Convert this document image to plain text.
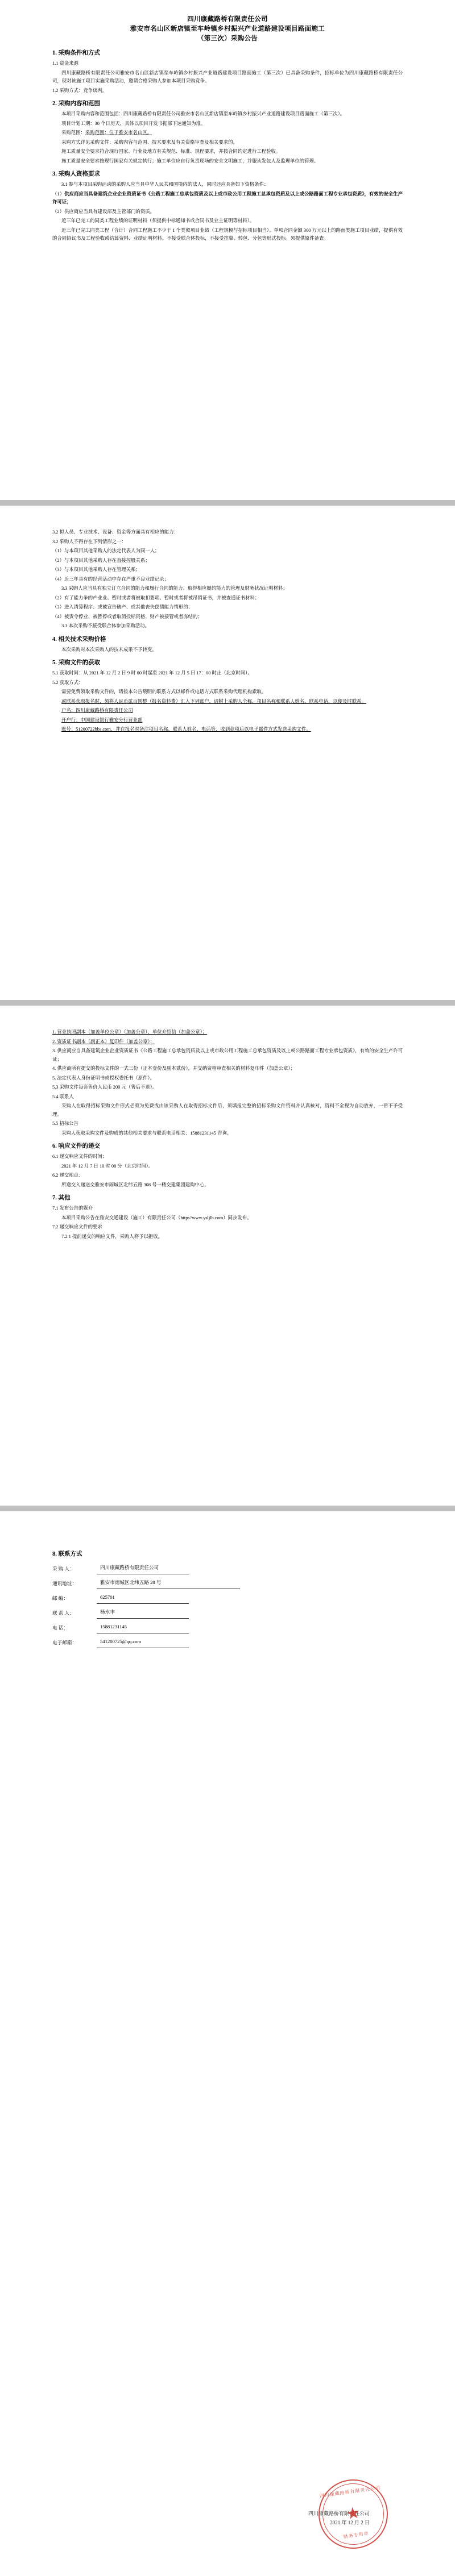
四川康藏路桥有限责任公司
雅安市名山区新店镇至车岭镇乡村振兴产业道路建设项目路面施工
（第三次）采购公告
1. 采购条件和方式

1.1 资金来源

四川康藏路桥有限责任公司雅安市名山区新店镇至车岭镇乡村振兴产业道路建设项目路面施工（第三次）已具备采购条件，招标单位为四川康藏路桥有限责任公司，现对该施工项目实施采购活动，邀请合格采购人参加本项目采购竞争。

1.2 采购方式：竞争谈判。

2. 采购内容和范围

本项目采购内容和范围包括：四川康藏路桥有限责任公司雅安市名山区新店镇至车岭镇乡村振兴产业道路建设项目路面施工（第三次）。

项目计划工期：30 个日历天，具体以项目开发书据部下达通知为准。

采购范围：采购范围：位于雅安市名山区。

采购方式详见采购文件：采购内容与范围、技术要求及有关资格审查及相关要求的。

施工质量安全要求符合现行国家、行业及地方有关规范、标准、规程要求，并按合同约定进行工程验收。

施工质量安全要求按现行国家有关规定执行；施工单位应自行负责现场的安全文明施工，并服从发包人及监理单位的管理。

3. 采购人资格要求

3.1 参与本项目采购活动的采购人应当具中华人民共和国境内的法人，同时还应具备如下资格条件：

（1）供应商应当具备建筑企业企业资质证书《公路工程施工总承包资质及以上或市政公用工程施工总承包资质及以上或公路路面工程专业承包资质》，有效的安全生产许可证；

（2）供应商应当具有建设部及主管部门的资质。

近三年已完工的同类工程业绩的证明材料（须提供中标通知书或合同书及业主证明等材料）。

近三年已完工同类工程（合计）合同工程施工不少于 1 个类似项目业绩（工程规模与招标项目相当）。单项合同金额 300 万元以上的路面类施工项目业绩，提供有效的合同协议书及工程验收或结算资料、业绩证明材料。不接受联合体投标，不接受挂靠、转包、分包等形式投标。须提供原件备查。

3.2 拟人员、专业技术、设备、资金等方面具有相应的能力：

3.2 采购人不得存在下列情形之一：

（1）与本项目其他采购人的法定代表人为同一人；

（2）与本项目其他采购人存在直接控股关系；

（3）与本项目其他采购人存在管理关系；

（4）近三年具有的经营活动中存在严重不良业绩记录；

3.3 采购人应当具有独立订立合同的能力和履行合同的能力、取得相应履约能力的管理及财务状况证明材料；

（2）有了能力争的产业业、暂时或者将被取扣要项、暂时或者将被吊销证书，并被查通证书材料；

（3）进入清算程序、或被宣告破产、或其他丧失偿债能力情形的；

（4）被责令停业、被暂停或者取消投标资格、财产被接管或者冻结的；

3.3 本次采购不接受联合体参加采购活动。

4. 相关技术采购价格

本次采购对本次采购人的技术成果不予转变。

5. 采购文件的获取

5.1 获取时间：从 2021 年 12 月 2 日 9 时 00 时起至 2021 年 12 月 5 日 17：00 时止（北京时间）。

5.2 获取方式：

需要免费领取采购文件的，请按本公告载明的联系方式以邮件或电话方式联系采购代理机构索取。

或联系获取报名时，须将人民币贰百圆整（报名资料费）汇入下列账户，请附上采购人全称、项目名称和联系人姓名、联系电话，以便及时联系。

户名：四川康藏路桥有限责任公司

开户行：中国建设银行雅安分行营业部

账号：51200722bbs.com，并在报名时备注项目名称、联系人姓名、电话等，收到款项后以电子邮件方式发送采购文件。

1. 营业执照副本（加盖单位公章）（加盖公章）、单位介绍信（加盖公章）；

2. 资质证书副本（副正本）复印件（加盖公章）；

3. 供应商应当具备建筑企业企业资质证书《公路工程施工总承包资质及以上或市政公用工程施工总承包资质及以上或公路路面工程专业承包资质》，有效的安全生产许可证；

4. 供应商所有提交的投标文件的一式三份（正本壹份及副本贰份），并交纳资格审查相关的材料复印件（加盖公章）；

5. 法定代表人身份证明书或授权委托书（原件）。

5.3 采购文件每套售价人民币 200 元（售后不退）。

5.4 联系人

采购人在取得招标采购文件形式必须为免费或由该采购人在取得招标文件后，须填报完整的招标采购文件资料并认真核对，资料不全视为自动放弃，一律不予受理。

5.5 招标公告

采购人获取采购文件及购成的其他相关要求与联系电话相关：15881231145 咨询。

6. 响应文件的递交

6.1 递交响应文件的时间：

2021 年 12 月 7 日 10 时 00 分（北京时间）。

6.2 递交地点：

所递交入递送交雅安市雨城区北纬五路 308 号一楼交建集团建购中心。

7. 其他

7.1 发布公告的媒介

本项目采购公告在雅安交通建设（施工）有限责任公司（http://www.ysljlb.com）同步发布。

7.2 递交响应文件的要求

7.2.1 提前递交的响应文件，采购人将予以拒收。

8. 联系方式
采 购 人：	四川康藏路桥有限责任公司
通讯地址：	雅安市雨城区北纬五路 28 号
邮 编：	625701
联 系 人：	杨水丰
电 话：	15881231145
电子邮箱：	541200725@qq.com
四川康藏路桥有限责任公司
2021 年 12 月 2 日
四川康藏路桥有限责任公司
★
财务专用章
